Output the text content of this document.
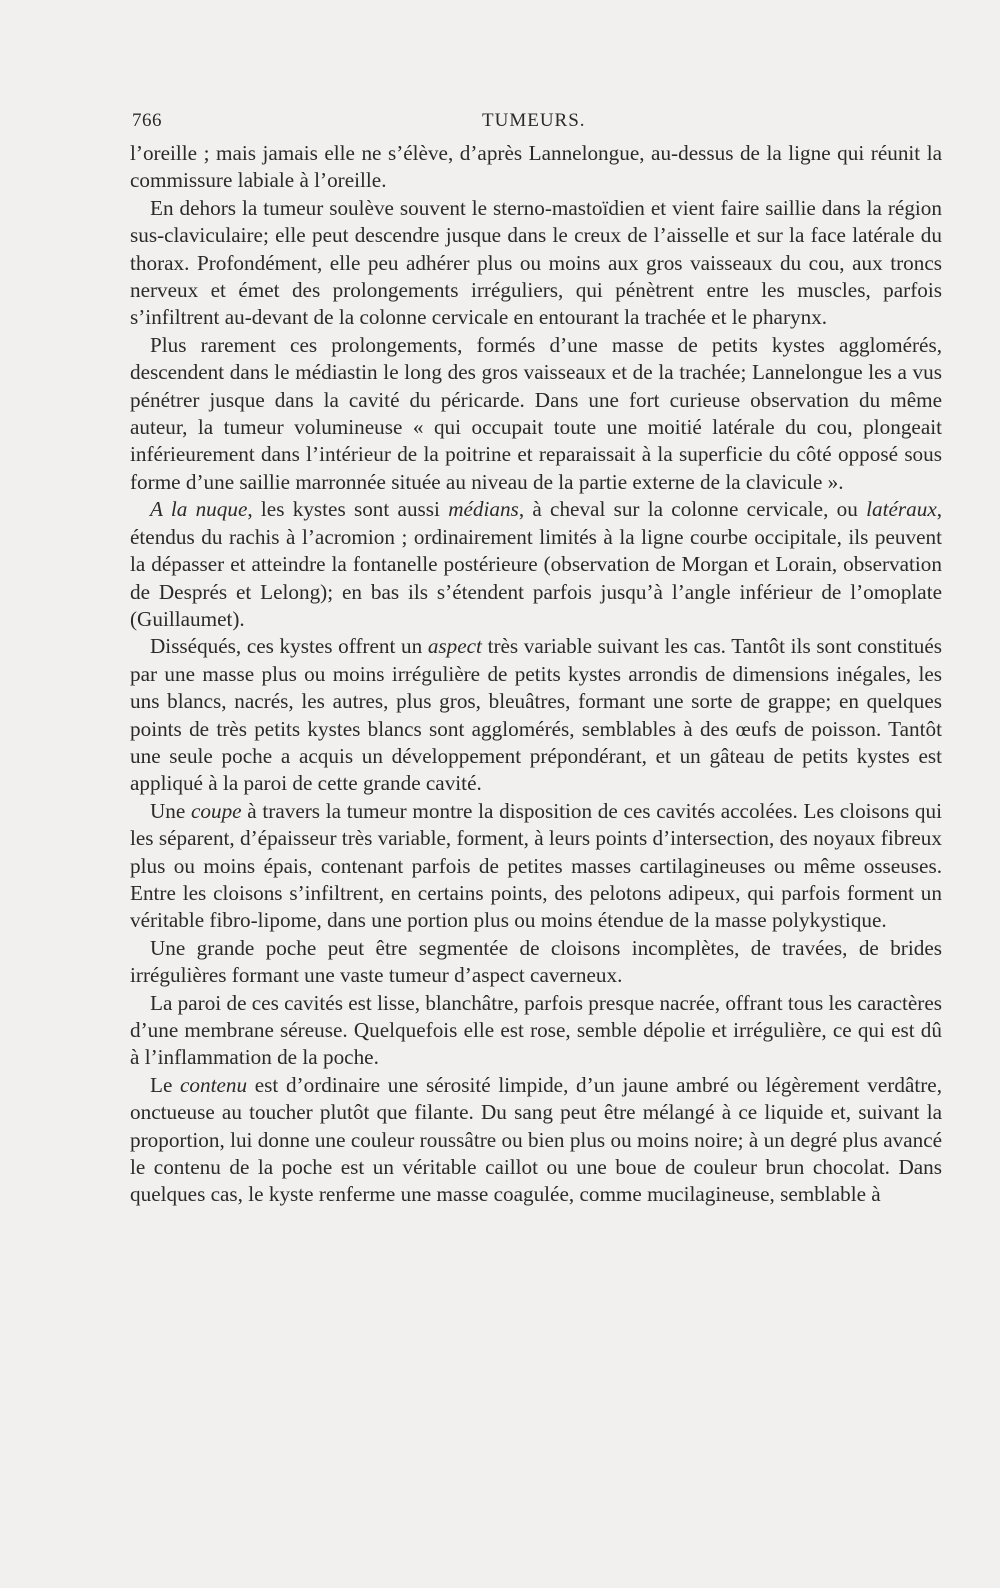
766	TUMEURS.

l’oreille ; mais jamais elle ne s’élève, d’après Lannelongue, au-dessus de la ligne qui réunit la commissure labiale à l’oreille.

En dehors la tumeur soulève souvent le sterno-mastoïdien et vient faire saillie dans la région sus-claviculaire; elle peut descendre jusque dans le creux de l’aisselle et sur la face latérale du thorax. Profondément, elle peu adhérer plus ou moins aux gros vaisseaux du cou, aux troncs nerveux et émet des prolongements irréguliers, qui pénètrent entre les muscles, parfois s’infiltrent au-devant de la colonne cervicale en entourant la trachée et le pharynx.

Plus rarement ces prolongements, formés d’une masse de petits kystes agglomérés, descendent dans le médiastin le long des gros vaisseaux et de la trachée; Lannelongue les a vus pénétrer jusque dans la cavité du péricarde. Dans une fort curieuse observation du même auteur, la tumeur volumineuse « qui occupait toute une moitié latérale du cou, plongeait inférieurement dans l’intérieur de la poitrine et reparaissait à la superficie du côté opposé sous forme d’une saillie marronnée située au niveau de la partie externe de la clavicule ».

A la nuque, les kystes sont aussi médians, à cheval sur la colonne cervicale, ou latéraux, étendus du rachis à l’acromion ; ordinairement limités à la ligne courbe occipitale, ils peuvent la dépasser et atteindre la fontanelle postérieure (observation de Morgan et Lorain, observation de Després et Lelong); en bas ils s’étendent parfois jusqu’à l’angle inférieur de l’omoplate (Guillaumet).

Disséqués, ces kystes offrent un aspect très variable suivant les cas. Tantôt ils sont constitués par une masse plus ou moins irrégulière de petits kystes arrondis de dimensions inégales, les uns blancs, nacrés, les autres, plus gros, bleuâtres, formant une sorte de grappe; en quelques points de très petits kystes blancs sont agglomérés, semblables à des œufs de poisson. Tantôt une seule poche a acquis un développement prépondérant, et un gâteau de petits kystes est appliqué à la paroi de cette grande cavité.

Une coupe à travers la tumeur montre la disposition de ces cavités accolées. Les cloisons qui les séparent, d’épaisseur très variable, forment, à leurs points d’intersection, des noyaux fibreux plus ou moins épais, contenant parfois de petites masses cartilagineuses ou même osseuses. Entre les cloisons s’infiltrent, en certains points, des pelotons adipeux, qui parfois forment un véritable fibro-lipome, dans une portion plus ou moins étendue de la masse polykystique.

Une grande poche peut être segmentée de cloisons incomplètes, de travées, de brides irrégulières formant une vaste tumeur d’aspect caverneux.

La paroi de ces cavités est lisse, blanchâtre, parfois presque nacrée, offrant tous les caractères d’une membrane séreuse. Quelquefois elle est rose, semble dépolie et irrégulière, ce qui est dû à l’inflammation de la poche.

Le contenu est d’ordinaire une sérosité limpide, d’un jaune ambré ou légèrement verdâtre, onctueuse au toucher plutôt que filante. Du sang peut être mélangé à ce liquide et, suivant la proportion, lui donne une couleur roussâtre ou bien plus ou moins noire; à un degré plus avancé le contenu de la poche est un véritable caillot ou une boue de couleur brun chocolat. Dans quelques cas, le kyste renferme une masse coagulée, comme mucilagineuse, semblable à
